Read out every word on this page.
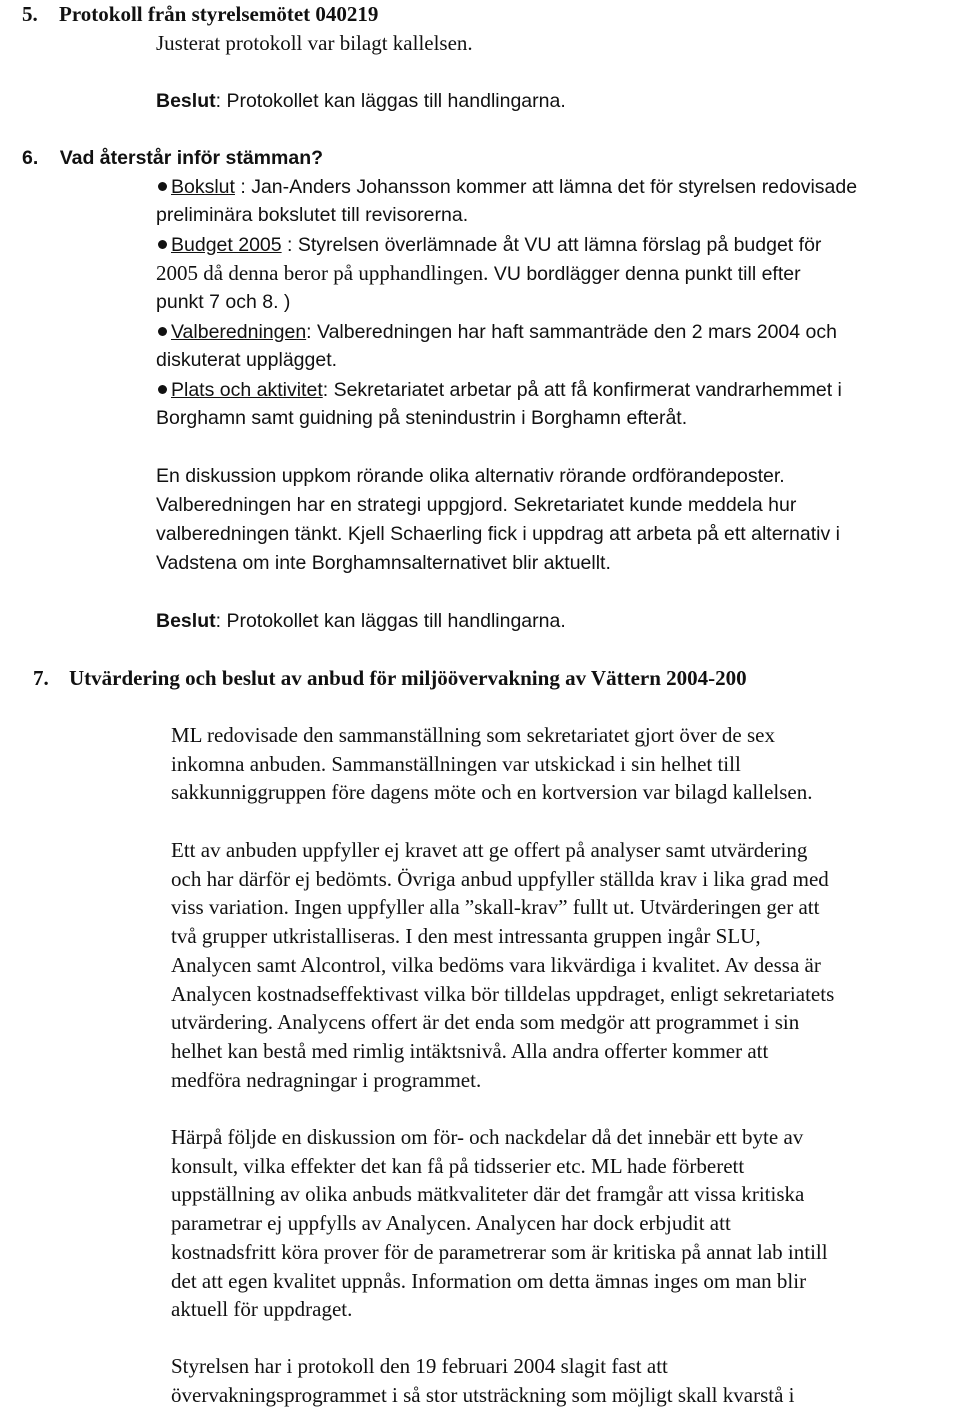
5. Protokoll från styrelsemötet 040219
Justerat protokoll var bilagt kallelsen.
Beslut: Protokollet kan läggas till handlingarna.
6. Vad återstår inför stämman?
Bokslut : Jan-Anders Johansson kommer att lämna det för styrelsen redovisade
preliminära bokslutet till revisorerna.
Budget 2005 : Styrelsen överlämnade åt VU att lämna förslag på budget för
2005 då denna beror på upphandlingen. VU bordlägger denna punkt till efter
punkt 7 och 8. )
Valberedningen: Valberedningen har haft sammanträde den 2 mars 2004 och
diskuterat upplägget.
Plats och aktivitet: Sekretariatet arbetar på att få konfirmerat vandrarhemmet i
Borghamn samt guidning på stenindustrin i Borghamn efteråt.
En diskussion uppkom rörande olika alternativ rörande ordförandeposter.
Valberedningen har en strategi uppgjord. Sekretariatet kunde meddela hur
valberedningen tänkt. Kjell Schaerling fick i uppdrag att arbeta på ett alternativ i
Vadstena om inte Borghamnsalternativet blir aktuellt.
Beslut: Protokollet kan läggas till handlingarna.
7. Utvärdering och beslut av anbud för miljöövervakning av Vättern 2004-200
ML redovisade den sammanställning som sekretariatet gjort över de sex
inkomna anbuden. Sammanställningen var utskickad i sin helhet till
sakkunniggruppen före dagens möte och en kortversion var bilagd kallelsen.
Ett av anbuden uppfyller ej kravet att ge offert på analyser samt utvärdering
och har därför ej bedömts. Övriga anbud uppfyller ställda krav i lika grad med
viss variation. Ingen uppfyller alla ”skall-krav” fullt ut. Utvärderingen ger att
två grupper utkristalliseras. I den mest intressanta gruppen ingår SLU,
Analycen samt Alcontrol, vilka bedöms vara likvärdiga i kvalitet. Av dessa är
Analycen kostnadseffektivast vilka bör tilldelas uppdraget, enligt sekretariatets
utvärdering. Analycens offert är det enda som medgör att programmet i sin
helhet kan bestå med rimlig intäktsnivå. Alla andra offerter kommer att
medföra nedragningar i programmet.
Härpå följde en diskussion om för- och nackdelar då det innebär ett byte av
konsult, vilka effekter det kan få på tidsserier etc. ML hade förberett
uppställning av olika anbuds mätkvaliteter där det framgår att vissa kritiska
parametrar ej uppfylls av Analycen. Analycen har dock erbjudit att
kostnadsfritt köra prover för de parametrerar som är kritiska på annat lab intill
det att egen kvalitet uppnås. Information om detta ämnas inges om man blir
aktuell för uppdraget.
Styrelsen har i protokoll den 19 februari 2004 slagit fast att
övervakningsprogrammet i så stor utsträckning som möjligt skall kvarstå i
